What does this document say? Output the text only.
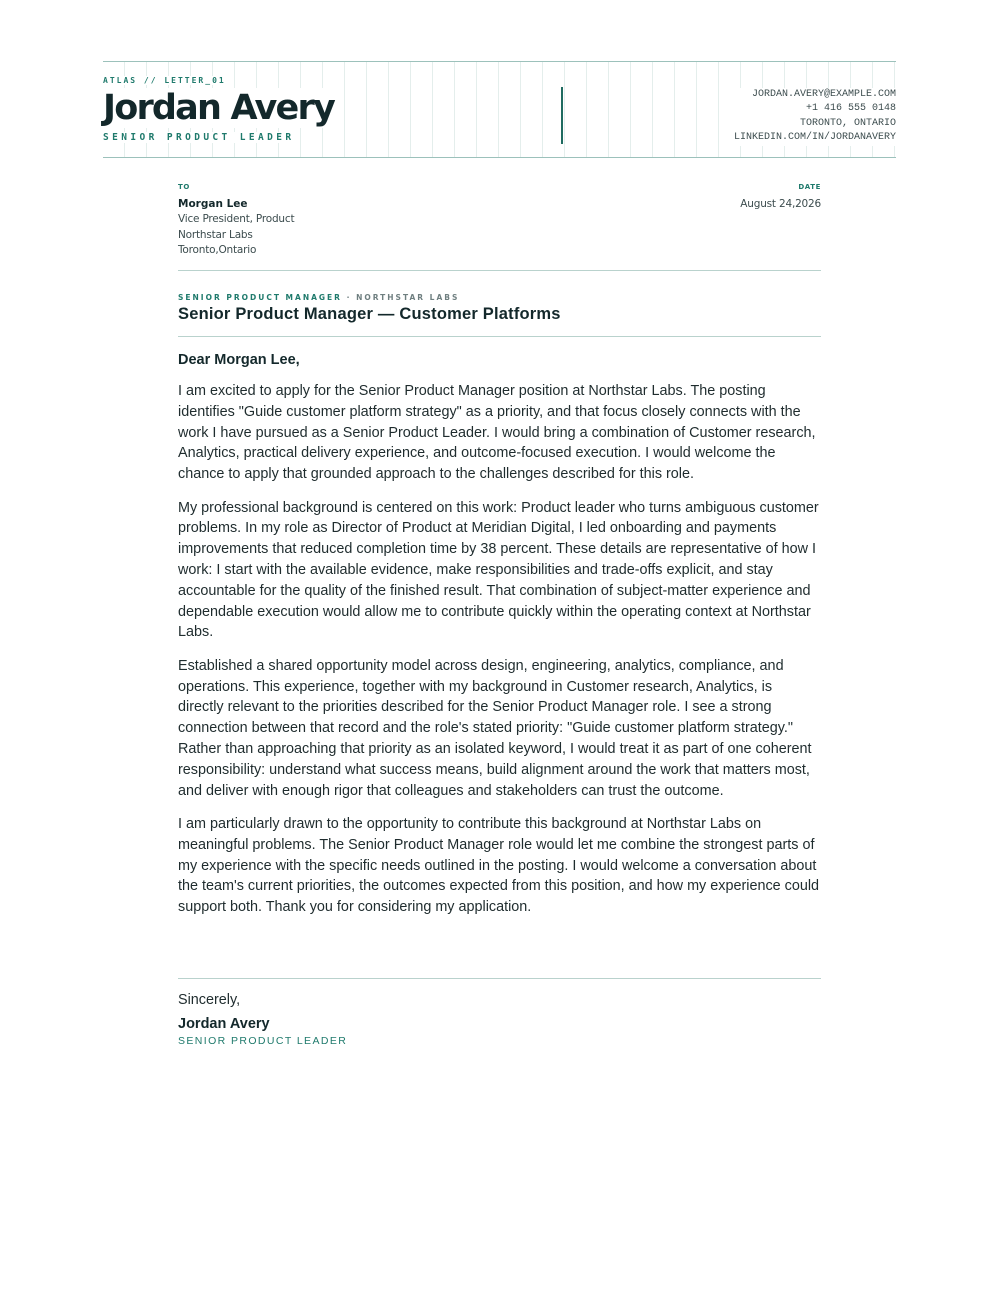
ATLAS // LETTER_01
Jordan Avery
SENIOR PRODUCT LEADER
JORDAN.AVERY@EXAMPLE.COM
+1 416 555 0148
TORONTO, ONTARIO
LINKEDIN.COM/IN/JORDANAVERY
TO
Morgan Lee
Vice President, Product
Northstar Labs
Toronto,Ontario
DATE
August 24,2026
SENIOR PRODUCT MANAGER · NORTHSTAR LABS
Senior Product Manager — Customer Platforms

Dear Morgan Lee,

I am excited to apply for the Senior Product Manager position at Northstar Labs. The posting identifies "Guide customer platform strategy" as a priority, and that focus closely connects with the work I have pursued as a Senior Product Leader. I would bring a combination of Customer research, Analytics, practical delivery experience, and outcome-focused execution. I would welcome the chance to apply that grounded approach to the challenges described for this role.

My professional background is centered on this work: Product leader who turns ambiguous customer problems. In my role as Director of Product at Meridian Digital, I led onboarding and payments improvements that reduced completion time by 38 percent. These details are representative of how I work: I start with the available evidence, make responsibilities and trade-offs explicit, and stay accountable for the quality of the finished result. That combination of subject-matter experience and dependable execution would allow me to contribute quickly within the operating context at Northstar Labs.

Established a shared opportunity model across design, engineering, analytics, compliance, and operations. This experience, together with my background in Customer research, Analytics, is directly relevant to the priorities described for the Senior Product Manager role. I see a strong connection between that record and the role's stated priority: "Guide customer platform strategy." Rather than approaching that priority as an isolated keyword, I would treat it as part of one coherent responsibility: understand what success means, build alignment around the work that matters most, and deliver with enough rigor that colleagues and stakeholders can trust the outcome.

I am particularly drawn to the opportunity to contribute this background at Northstar Labs on meaningful problems. The Senior Product Manager role would let me combine the strongest parts of my experience with the specific needs outlined in the posting. I would welcome a conversation about the team's current priorities, the outcomes expected from this position, and how my experience could support both. Thank you for considering my application.

Sincerely,
Jordan Avery
SENIOR PRODUCT LEADER
